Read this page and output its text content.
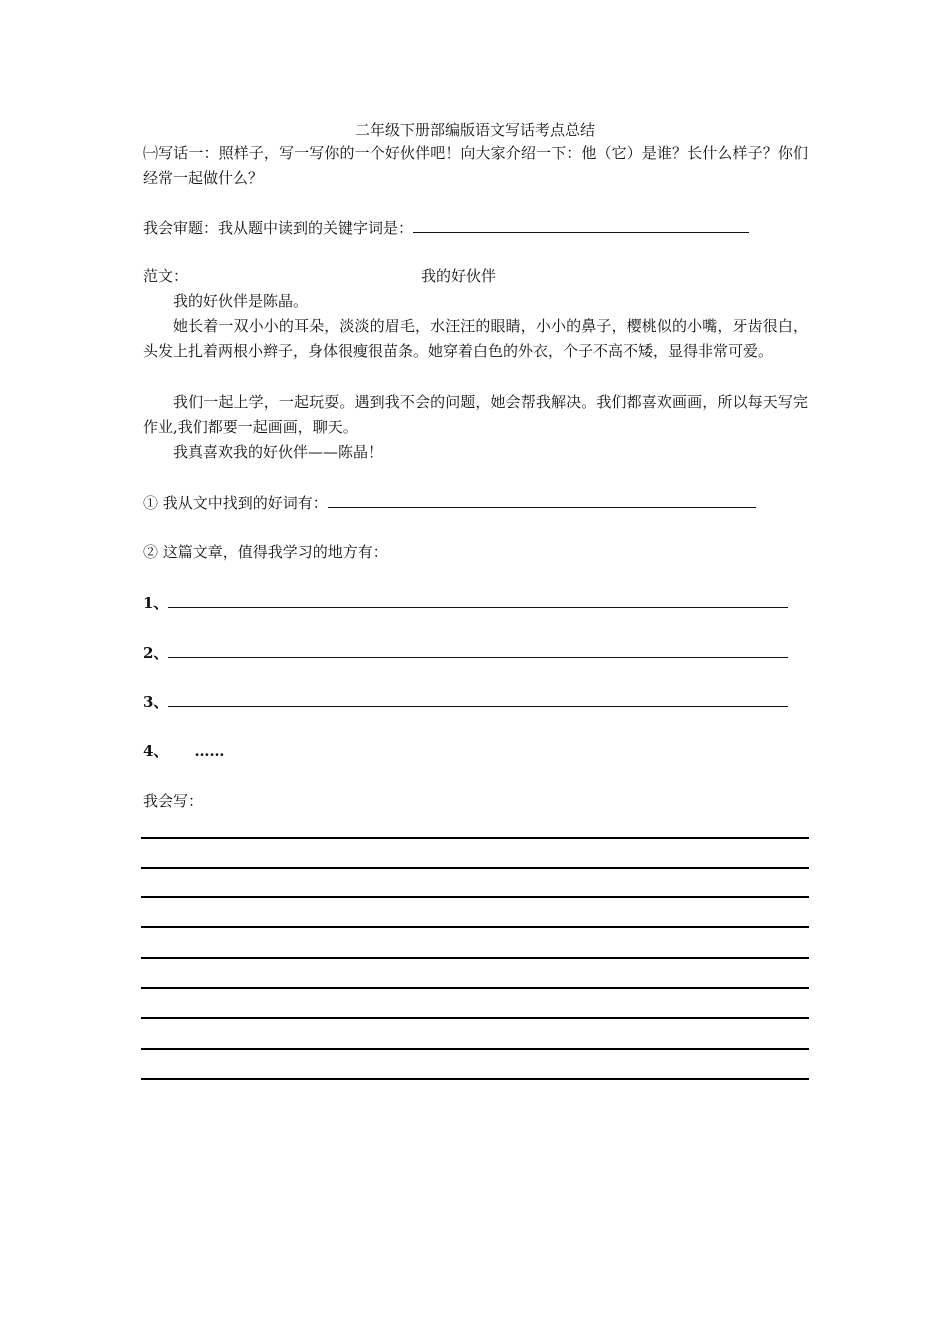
二年级下册部编版语文写话考点总结
㈠写话一：照样子，写一写你的一个好伙伴吧！向大家介绍一下：他（它）是谁？长什么样子？你们经常一起做什么？
我会审题：我从题中读到的关键字词是：
范文：	我的好伙伴
我的好伙伴是陈晶。
她长着一双小小的耳朵，淡淡的眉毛，水汪汪的眼睛，小小的鼻子，樱桃似的小嘴，牙齿很白，头发上扎着两根小辫子，身体很瘦很苗条。她穿着白色的外衣，个子不高不矮，显得非常可爱。
我们一起上学，一起玩耍。遇到我不会的问题，她会帮我解决。我们都喜欢画画，所以每天写完作业,我们都要一起画画，聊天。
我真喜欢我的好伙伴——陈晶！
① 我从文中找到的好词有：
② 这篇文章，值得我学习的地方有：
1、
2、
3、
4、 ……
我会写：
